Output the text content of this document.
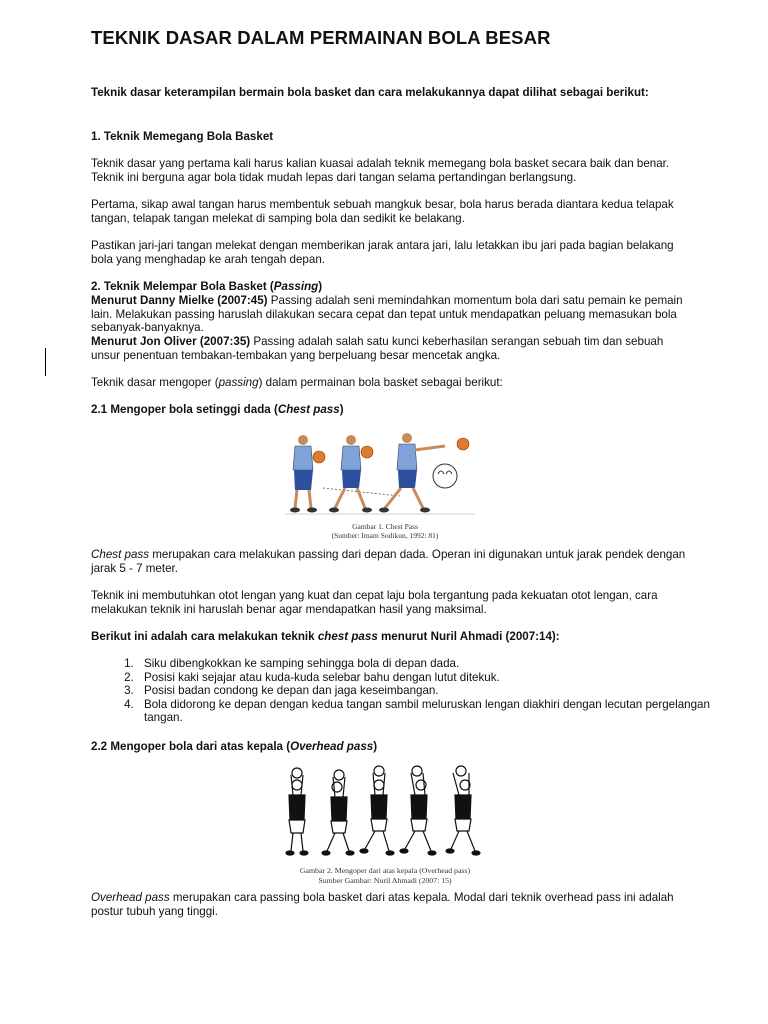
TEKNIK DASAR DALAM PERMAINAN BOLA BESAR
Teknik dasar keterampilan bermain bola basket dan cara melakukannya dapat dilihat sebagai berikut:
1. Teknik Memegang Bola Basket
Teknik dasar yang pertama kali harus kalian kuasai adalah teknik memegang bola basket secara baik dan benar. Teknik ini berguna agar bola tidak mudah lepas dari tangan selama pertandingan berlangsung.
Pertama, sikap awal tangan harus membentuk sebuah mangkuk besar, bola harus berada diantara kedua telapak tangan, telapak tangan melekat di samping bola dan sedikit ke belakang.
Pastikan jari-jari tangan melekat dengan memberikan jarak antara jari, lalu letakkan ibu jari pada bagian belakang bola yang menghadap ke arah tengah depan.
2. Teknik Melempar Bola Basket (Passing)
Menurut Danny Mielke (2007:45) Passing adalah seni memindahkan momentum bola dari satu pemain ke pemain lain. Melakukan passing haruslah dilakukan secara cepat dan tepat untuk mendapatkan peluang memasukan bola sebanyak-banyaknya.
Menurut Jon Oliver (2007:35) Passing adalah salah satu kunci keberhasilan serangan sebuah tim dan sebuah unsur penentuan tembakan-tembakan yang berpeluang besar mencetak angka.
Teknik dasar mengoper (passing) dalam permainan bola basket sebagai berikut:
2.1 Mengoper bola setinggi dada (Chest pass)
Gambar 1. Chest Pass
(Sumber: Imam Sodikun, 1992: 81)
Chest pass merupakan cara melakukan passing dari depan dada. Operan ini digunakan untuk jarak pendek dengan jarak 5 - 7 meter.
Teknik ini membutuhkan otot lengan yang kuat dan cepat laju bola tergantung pada kekuatan otot lengan, cara melakukan teknik ini haruslah benar agar mendapatkan hasil yang maksimal.
Berikut ini adalah cara melakukan teknik chest pass menurut Nuril Ahmadi (2007:14):
1. Siku dibengkokkan ke samping sehingga bola di depan dada.
2. Posisi kaki sejajar atau kuda-kuda selebar bahu dengan lutut ditekuk.
3. Posisi badan condong ke depan dan jaga keseimbangan.
4. Bola didorong ke depan dengan kedua tangan sambil meluruskan lengan diakhiri dengan lecutan pergelangan tangan.
2.2 Mengoper bola dari atas kepala (Overhead pass)
Gambar 2. Mengoper dari atas kepala (Overhead pass)
Sumber Gambar: Nuril Ahmadi (2007: 15)
Overhead pass merupakan cara passing bola basket dari atas kepala. Modal dari teknik overhead pass ini adalah postur tubuh yang tinggi.
